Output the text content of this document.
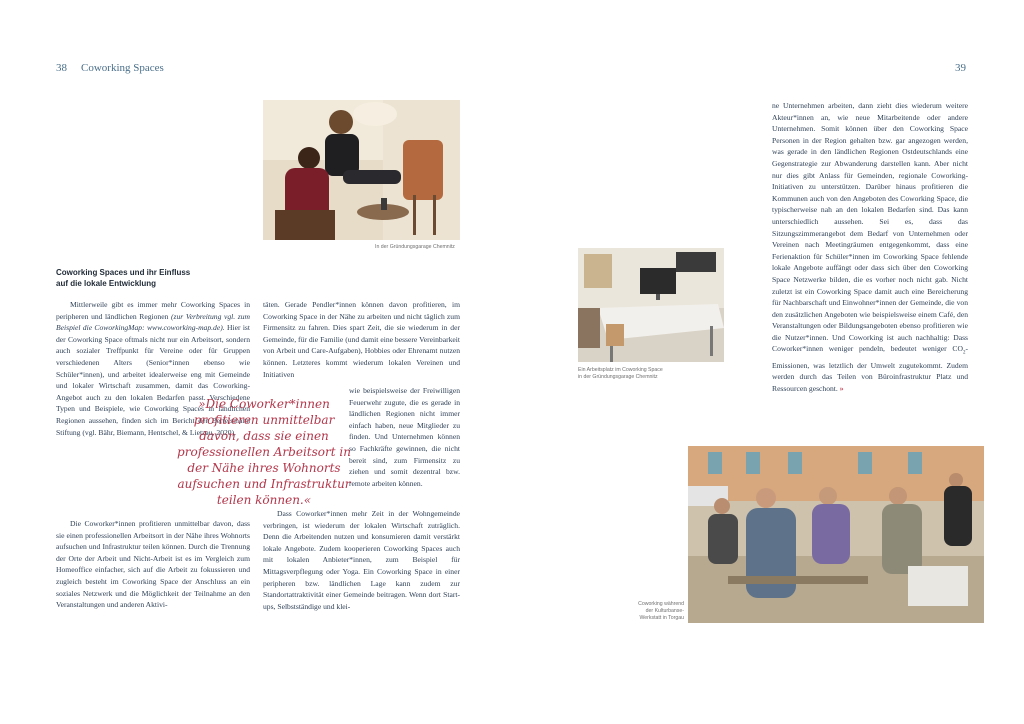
38 Coworking Spaces	39
In der Gründungsgarage Chemnitz
Coworking Spaces und ihr Einfluss
auf die lokale Entwicklung

Mittlerweile gibt es immer mehr Coworking Spaces in peripheren und ländlichen Regionen (zur Verbreitung vgl. zum Beispiel die CoworkingMap: www.coworking-map.de). Hier ist der Coworking Space oftmals nicht nur ein Arbeitsort, sondern auch sozialer Treffpunkt für Vereine oder für Gruppen verschiedenen Alters (Senior*innen ebenso wie Schüler*innen), und arbeitet idealerweise eng mit Gemeinde und lokaler Wirtschaft zusammen, damit das Coworking-Angebot auch zu den lokalen Bedarfen passt. Verschiedene Typen und Beispiele, wie Coworking Spaces in ländlichen Regionen aussehen, finden sich im Bericht der Bertelsmann Stiftung (vgl. Bähr, Biemann, Hentschel, & Lietzau, 2020).

Die Coworker*innen profitieren unmittelbar davon, dass sie einen professionellen Arbeitsort in der Nähe ihres Wohnorts aufsuchen und Infrastruktur teilen können. Durch die Trennung der Orte der Arbeit und Nicht-Arbeit ist es im Vergleich zum Homeoffice einfacher, sich auf die Arbeit zu fokussieren und zugleich besteht im Coworking Space der Anschluss an ein soziales Netzwerk und die Möglichkeit der Teilnahme an den Veranstaltungen und anderen Aktivi-

»Die Coworker*innen profitieren unmittelbar davon, dass sie einen professionellen Arbeitsort in der Nähe ihres Wohnorts aufsuchen und Infrastruktur teilen können.«

täten. Gerade Pendler*innen können davon profitieren, im Coworking Space in der Nähe zu arbeiten und nicht täglich zum Firmensitz zu fahren. Dies spart Zeit, die sie wiederum in der Gemeinde, für die Familie (und damit eine bessere Vereinbarkeit von Arbeit und Care-Aufgaben), Hobbies oder Ehrenamt nutzen können. Letzteres kommt wiederum lokalen Vereinen und Initiativen

wie beispielsweise der Freiwilligen Feuerwehr zugute, die es gerade in ländlichen Regionen nicht immer einfach haben, neue Mitglieder zu finden. Und Unternehmen können so Fachkräfte gewinnen, die nicht bereit sind, zum Firmensitz zu ziehen und somit dezentral bzw. remote arbeiten können.

Dass Coworker*innen mehr Zeit in der Wohngemeinde verbringen, ist wiederum der lokalen Wirtschaft zuträglich. Denn die Arbeitenden nutzen und konsumieren damit verstärkt lokale Angebote. Zudem kooperieren Coworking Spaces auch mit lokalen Anbieter*innen, zum Beispiel für Mittagsverpflegung oder Yoga. Ein Coworking Space in einer peripheren bzw. ländlichen Lage kann zudem zur Standortattraktivität einer Gemeinde beitragen. Wenn dort Start-ups, Selbstständige und klei-

Ein Arbeitsplatz im Coworking Space
in der Gründungsgarage Chemnitz

ne Unternehmen arbeiten, dann zieht dies wiederum weitere Akteur*innen an, wie neue Mitarbeitende oder andere Unternehmen. Somit können über den Coworking Space Personen in der Region gehalten bzw. gar angezogen werden, was gerade in den ländlichen Regionen Ostdeutschlands eine Gegenstrategie zur Abwanderung darstellen kann. Aber nicht nur dies gibt Anlass für Gemeinden, regionale Coworking-Initiativen zu unterstützen. Darüber hinaus profitieren die Kommunen auch von den Angeboten des Coworking Space, die typischerweise nah an den lokalen Bedarfen sind. Das kann unterschiedlich aussehen. Sei es, dass das Sitzungszimmerangebot dem Bedarf von Unternehmen oder Vereinen nach Meetingräumen entgegenkommt, dass eine Ferienaktion für Schüler*innen im Coworking Space fehlende lokale Angebote auffängt oder dass sich über den Coworking Space Netzwerke bilden, die es vorher noch nicht gab. Nicht zuletzt ist ein Coworking Space damit auch eine Bereicherung für Nachbarschaft und Einwohner*innen der Gemeinde, die von den zusätzlichen Angeboten wie beispielsweise einem Café, den Veranstaltungen oder Bildungsangeboten ebenso profitieren wie die Nutzer*innen. Und Coworking ist auch nachhaltig: Dass Coworker*innen weniger pendeln, bedeutet weniger $CO_2$-Emissionen, was letztlich der Umwelt zugutekommt. Zudem werden durch das Teilen von Büroinfrastruktur Platz und Ressourcen geschont. »

Coworking während
der Kulturbanse-
Werkstatt in Torgau
